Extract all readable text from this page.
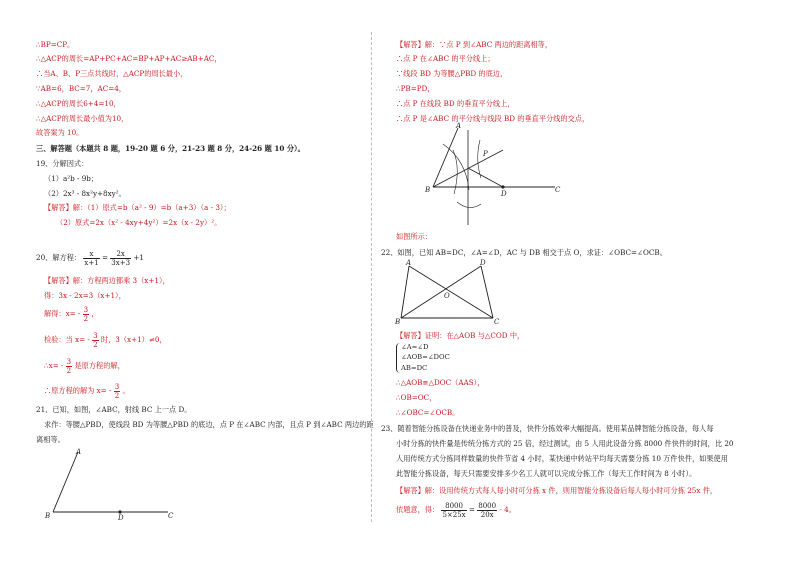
∴BP=CP。
∴△ACP的周长=AP+PC+AC=BP+AP+AC≥AB+AC，
∴当A、B、P三点共线时，△ACP的周长最小，
∵AB=6，BC=7，AC=4，
∴△ACP的周长6+4=10，
∴△ACP的周长最小值为10，
故答案为 10。
三、解答题（本题共 8 题，19-20 题 6 分，21-23 题 8 分，24-26 题 10 分）。
19、分解因式：
（1）a²b - 9b；
（2）2x³ - 8x²y+8xy²。
【解答】解：（1）原式=b（a² - 9）=b（a+3）（a - 3）；
（2）原式=2x（x² - 4xy+4y²）=2x（x - 2y）²。
20、解方程： $\frac{x}{x+1} = \frac{2x}{3x+3} +1$
【解答】解：方程两边都乘 3（x+1），
得：3x - 2x=3（x+1），
解得：$x= - \frac{3}{2}$ ，
检验：当 $x= - \frac{3}{2}$ 时，3（x+1）≠0，
∴x= - $\frac{3}{2}$ 是原方程的解，
∴原方程的解为 $x= - \frac{3}{2}$ 。
21、已知，如图，∠ABC，射线 BC 上一点 D。
求作：等腰△PBD，使线段 BD 为等腰△PBD 的底边，点 P 在∠ABC 内部，且点 P 到∠ABC 两边的距
离相等。
A
B	D	C
【解答】解：∵点 P 到∠ABC 两边的距离相等，
∴点 P 在∠ABC 的平分线上；
∵线段 BD 为等腰△PBD 的底边，
∴PB=PD，
∴点 P 在线段 BD 的垂直平分线上，
∴点 P 是∠ABC 的平分线与线段 BD 的垂直平分线的交点，
A
B
P
D	C
如图所示：
22、如图，已知 AB=DC，∠A=∠D，AC 与 DB 相交于点 O，求证：∠OBC=∠OCB。
A	D
O
B	C
【解答】证明：在△AOB 与△COD 中，
∠A=∠D
∠AOB=∠DOC
AB=DC
∴△AOB≌△DOC（AAS），
∴OB=OC，
∴∠OBC=∠OCB。
23、随着智能分拣设备在快递业务中的普及，快件分拣效率大幅提高。使用某品牌智能分拣设备，每人每
小时分拣的快件量是传统分拣方式的 25 倍，经过测试，由 5 人用此设备分拣 8000 件快件的时间，比 20
人用传统方式分拣同样数量的快件节省 4 小时，某快递中转站平均每天需要分拣 10 万件快件，如果使用
此智能分拣设备，每天只需要安排多少名工人就可以完成分拣工作（每天工作时间为 8 小时）。
【解答】解：设用传统方式每人每小时可分拣 x 件，则用智能分拣设备后每人每小时可分拣 25x 件，
依题意，得： $\frac{8000}{5\times 25x} = \frac{8000}{20x} - 4$。
